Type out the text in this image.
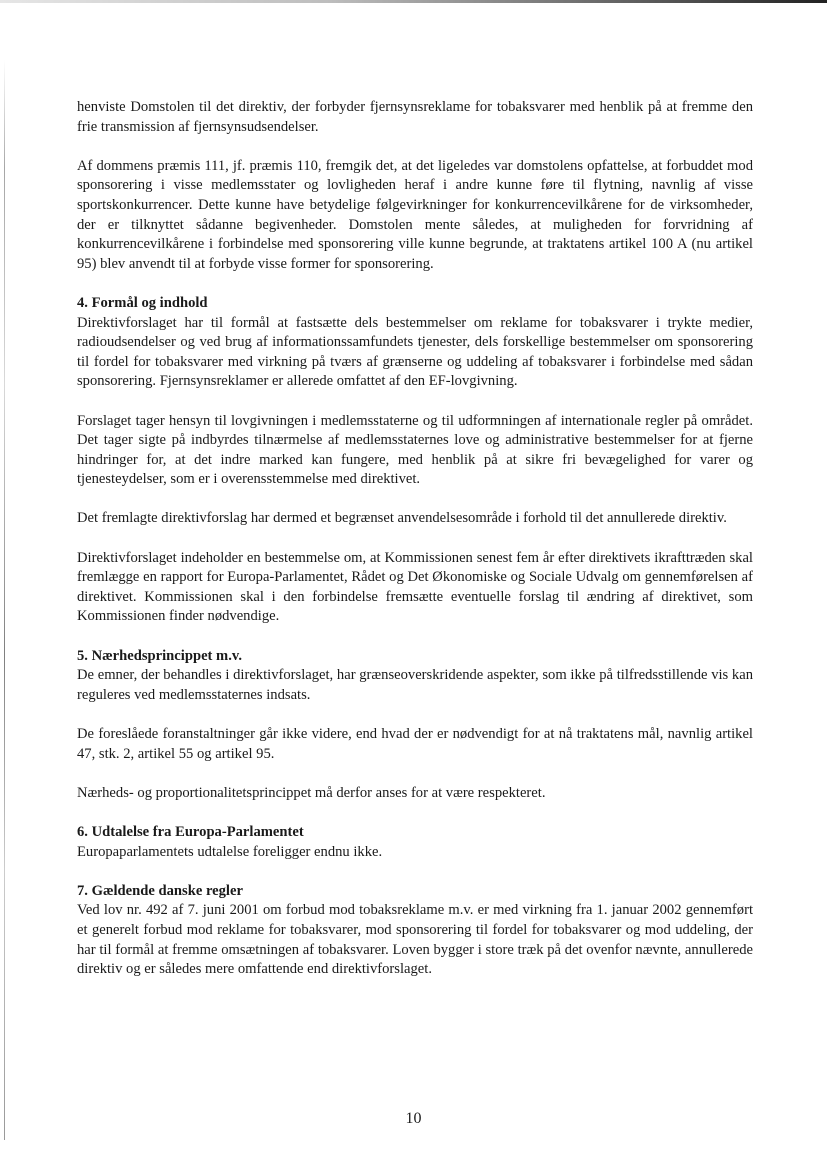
henviste Domstolen til det direktiv, der forbyder fjernsynsreklame for tobaksvarer med henblik på at fremme den frie transmission af fjernsynsudsendelser.

Af dommens præmis 111, jf. præmis 110, fremgik det, at det ligeledes var domstolens opfattelse, at forbuddet mod sponsorering i visse medlemsstater og lovligheden heraf i andre kunne føre til flytning, navnlig af visse sportskonkurrencer. Dette kunne have betydelige følgevirkninger for konkurrencevilkårene for de virksomheder, der er tilknyttet sådanne begivenheder. Domstolen mente således, at muligheden for forvridning af konkurrencevilkårene i forbindelse med sponsorering ville kunne begrunde, at traktatens artikel 100 A (nu artikel 95) blev anvendt til at forbyde visse former for sponsorering.

4. Formål og indhold

Direktivforslaget har til formål at fastsætte dels bestemmelser om reklame for tobaksvarer i trykte medier, radioudsendelser og ved brug af informationssamfundets tjenester, dels forskellige bestemmelser om sponsorering til fordel for tobaksvarer med virkning på tværs af grænserne og uddeling af tobaksvarer i forbindelse med sådan sponsorering. Fjernsynsreklamer er allerede omfattet af den EF-lovgivning.

Forslaget tager hensyn til lovgivningen i medlemsstaterne og til udformningen af internationale regler på området. Det tager sigte på indbyrdes tilnærmelse af medlemsstaternes love og administrative bestemmelser for at fjerne hindringer for, at det indre marked kan fungere, med henblik på at sikre fri bevægelighed for varer og tjenesteydelser, som er i overensstemmelse med direktivet.

Det fremlagte direktivforslag har dermed et begrænset anvendelsesområde i forhold til det annullerede direktiv.

Direktivforslaget indeholder en bestemmelse om, at Kommissionen senest fem år efter direktivets ikrafttræden skal fremlægge en rapport for Europa-Parlamentet, Rådet og Det Økonomiske og Sociale Udvalg om gennemførelsen af direktivet. Kommissionen skal i den forbindelse fremsætte eventuelle forslag til ændring af direktivet, som Kommissionen finder nødvendige.

5. Nærhedsprincippet m.v.

De emner, der behandles i direktivforslaget, har grænseoverskridende aspekter, som ikke på tilfredsstillende vis kan reguleres ved medlemsstaternes indsats.

De foreslåede foranstaltninger går ikke videre, end hvad der er nødvendigt for at nå traktatens mål, navnlig artikel 47, stk. 2, artikel 55 og artikel 95.

Nærheds- og proportionalitetsprincippet må derfor anses for at være respekteret.

6. Udtalelse fra Europa-Parlamentet

Europaparlamentets udtalelse foreligger endnu ikke.

7. Gældende danske regler

Ved lov nr. 492 af 7. juni 2001 om forbud mod tobaksreklame m.v. er med virkning fra 1. januar 2002 gennemført et generelt forbud mod reklame for tobaksvarer, mod sponsorering til fordel for tobaksvarer og mod uddeling, der har til formål at fremme omsætningen af tobaksvarer. Loven bygger i store træk på det ovenfor nævnte, annullerede direktiv og er således mere omfattende end direktivforslaget.

10
